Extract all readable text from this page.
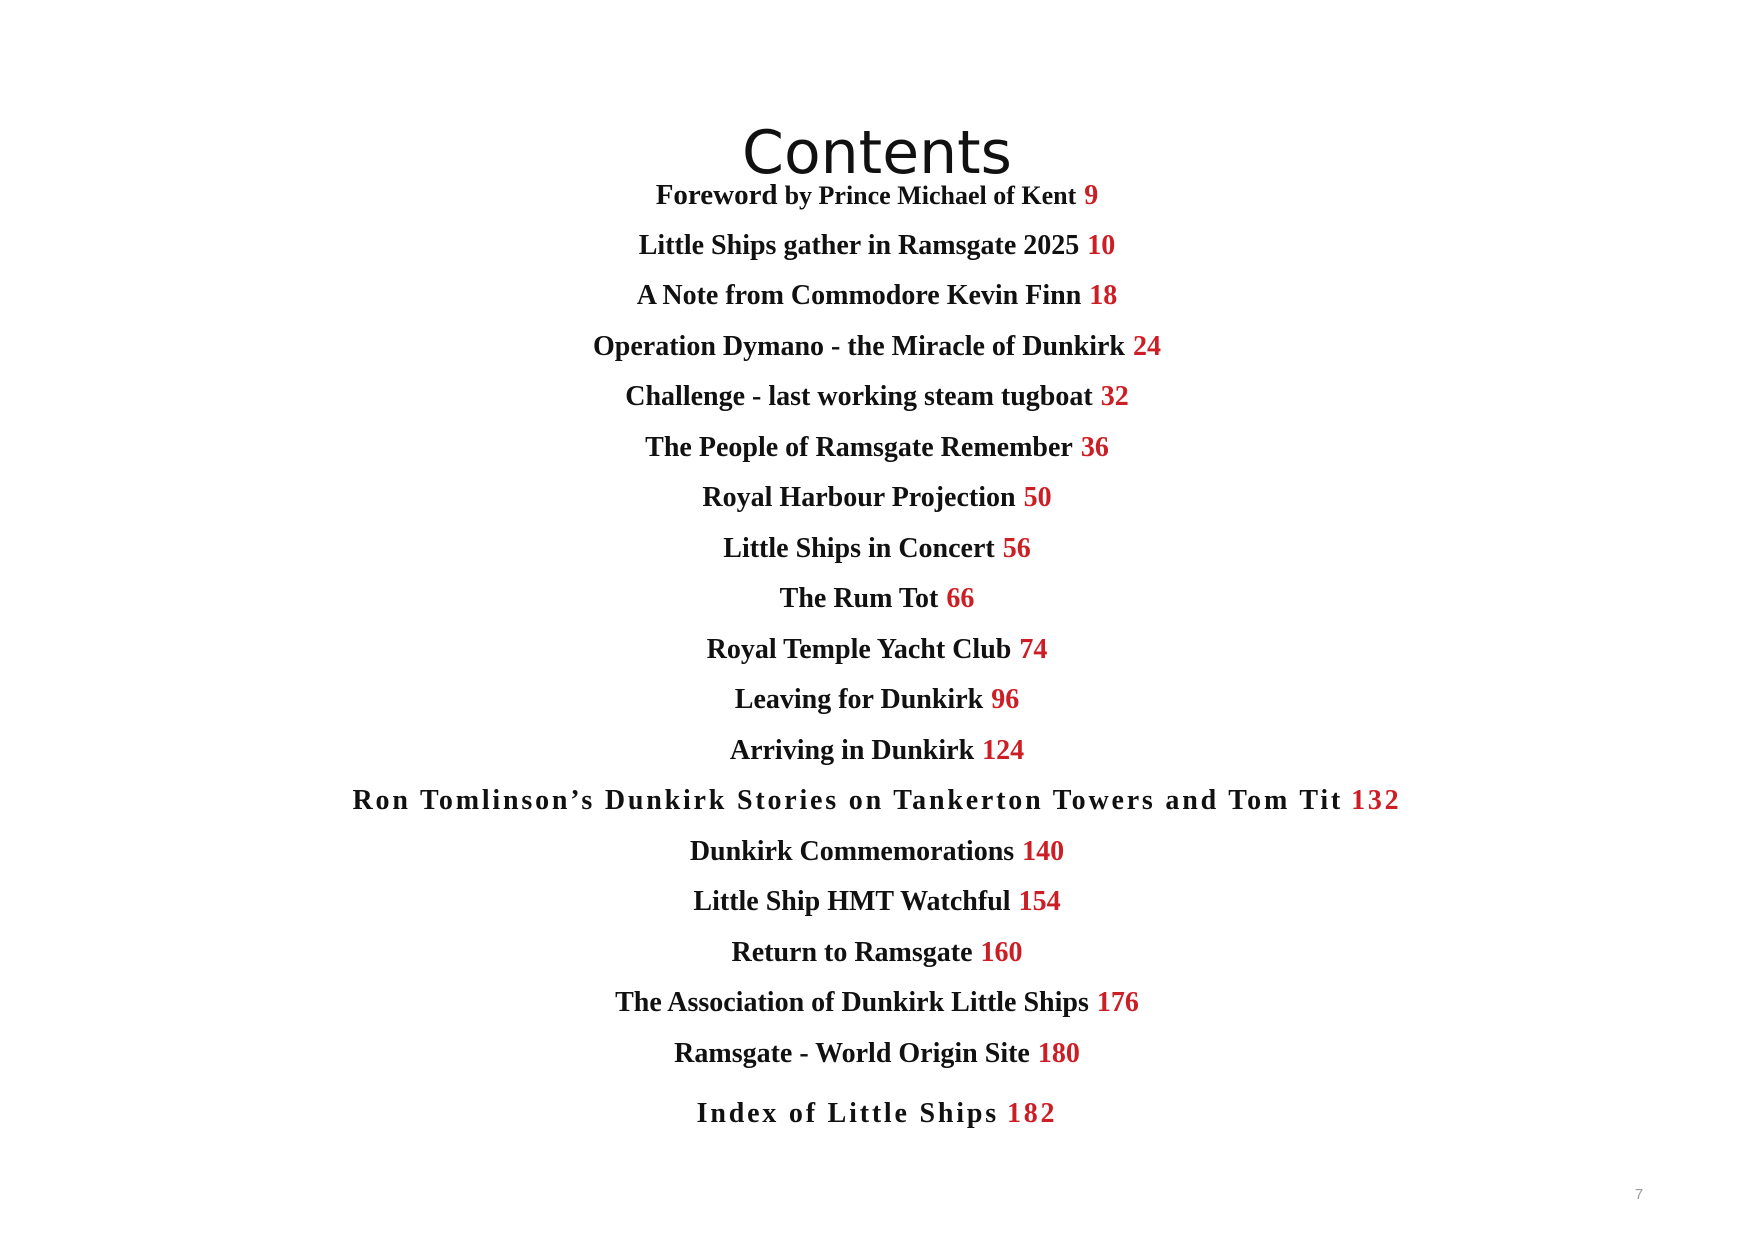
Contents
Foreword by Prince Michael of Kent 9
Little Ships gather in Ramsgate 2025 10
A Note from Commodore Kevin Finn 18
Operation Dymano - the Miracle of Dunkirk 24
Challenge - last working steam tugboat 32
The People of Ramsgate Remember 36
Royal Harbour Projection 50
Little Ships in Concert 56
The Rum Tot 66
Royal Temple Yacht Club 74
Leaving for Dunkirk 96
Arriving in Dunkirk 124
Ron Tomlinson’s Dunkirk Stories on Tankerton Towers and Tom Tit 132
Dunkirk Commemorations 140
Little Ship HMT Watchful 154
Return to Ramsgate 160
The Association of Dunkirk Little Ships 176
Ramsgate - World Origin Site 180
Index of Little Ships 182
7
